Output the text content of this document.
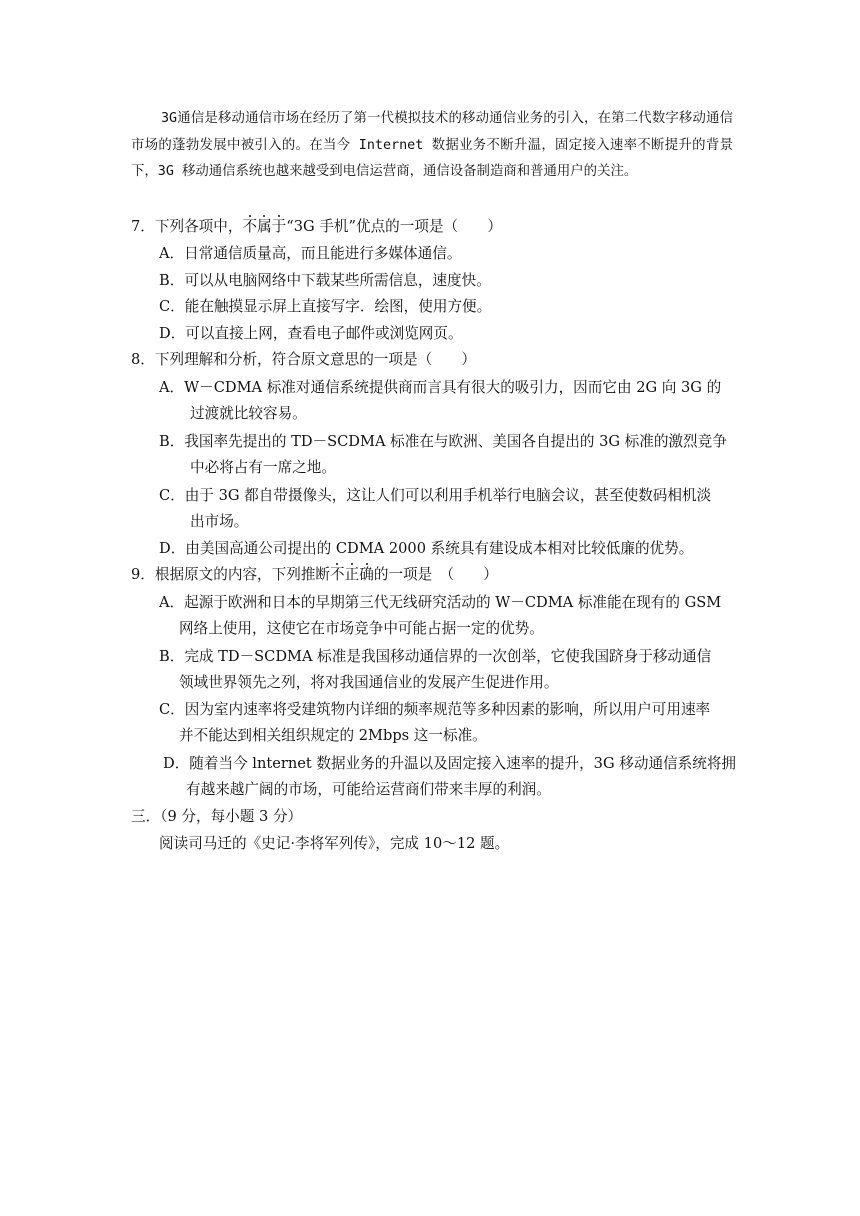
3G通信是移动通信市场在经历了第一代模拟技术的移动通信业务的引入，在第二代数字移动通信市场的蓬勃发展中被引入的。在当今 Internet 数据业务不断升温，固定接入速率不断提升的背景下，3G 移动通信系统也越来越受到电信运营商，通信设备制造商和普通用户的关注。

7．下列各项中，不属于“3G 手机”优点的一项是（　　）
A．日常通信质量高，而且能进行多媒体通信。
B．可以从电脑网络中下载某些所需信息，速度快。
C．能在触摸显示屏上直接写字．绘图，使用方便。
D．可以直接上网，查看电子邮件或浏览网页。
8．下列理解和分析，符合原文意思的一项是（　　）
A．W－CDMA 标准对通信系统提供商而言具有很大的吸引力，因而它由 2G 向 3G 的
过渡就比较容易。
B．我国率先提出的 TD－SCDMA 标准在与欧洲、美国各自提出的 3G 标准的激烈竞争
中必将占有一席之地。
C．由于 3G 都自带摄像头，这让人们可以利用手机举行电脑会议，甚至使数码相机淡
出市场。
D．由美国高通公司提出的 CDMA 2000 系统具有建设成本相对比较低廉的优势。
9．根据原文的内容，下列推断不正确的一项是　（　　）
A．起源于欧洲和日本的早期第三代无线研究活动的 W－CDMA 标准能在现有的 GSM
网络上使用，这使它在市场竞争中可能占据一定的优势。
B．完成 TD－SCDMA 标准是我国移动通信界的一次创举，它使我国跻身于移动通信
领域世界领先之列，将对我国通信业的发展产生促进作用。
C．因为室内速率将受建筑物内详细的频率规范等多种因素的影响，所以用户可用速率
并不能达到相关组织规定的 2Mbps 这一标准。
D．随着当今 lnternet 数据业务的升温以及固定接入速率的提升，3G 移动通信系统将拥
有越来越广阔的市场，可能给运营商们带来丰厚的利润。
三．（9 分，每小题 3 分）
阅读司马迁的《史记·李将军列传》，完成 10～12 题。
